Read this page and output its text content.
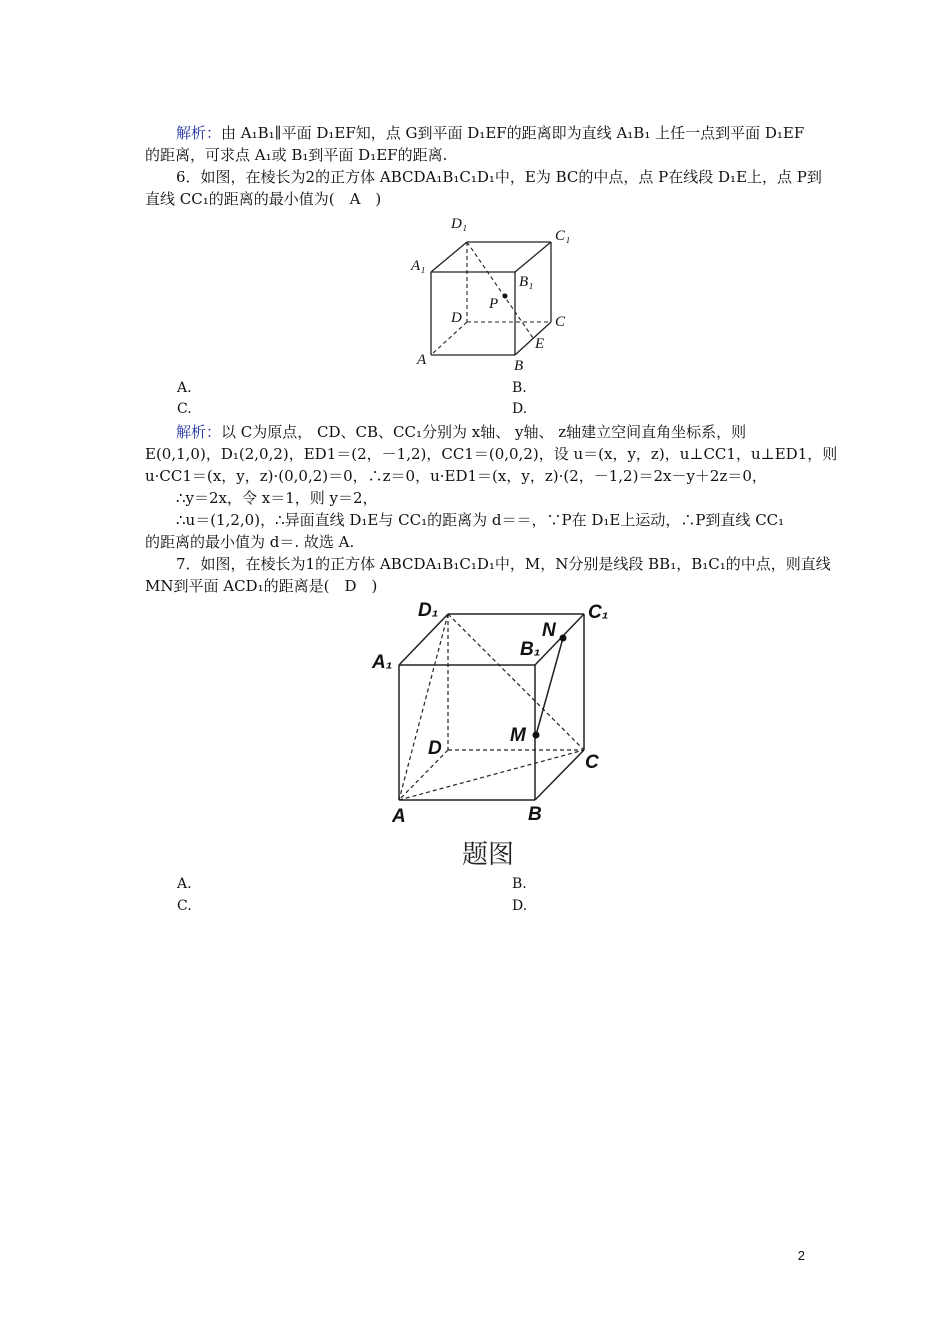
解析：由 A₁B₁∥平面 D₁EF知，点 G到平面 D₁EF的距离即为直线 A₁B₁ 上任一点到平面 D₁EF
的距离，可求点 A₁或 B₁到平面 D₁EF的距离.
6．如图，在棱长为2的正方体 ABCDA₁B₁C₁D₁中，E为 BC的中点，点 P在线段 D₁E上，点 P到
直线 CC₁的距离的最小值为(　A　)
D₁
C₁
A₁
B₁
P
D	C
E
A	B
A.	B.
C.	D.
解析：以 C为原点， CD、CB、CC₁分别为 x轴、 y轴、 z轴建立空间直角坐标系，则
E(0,1,0)，D₁(2,0,2)，ED1＝(2，－1,2)，CC1＝(0,0,2)，设 u＝(x，y，z)，u⊥CC1，u⊥ED1，则
u·CC1＝(x，y，z)·(0,0,2)＝0，∴z＝0，u·ED1＝(x，y，z)·(2，－1,2)＝2x－y＋2z＝0，
∴y＝2x，令 x＝1，则 y＝2，
∴u＝(1,2,0)，∴异面直线 D₁E与 CC₁的距离为 d＝＝，∵P在 D₁E上运动，∴P到直线 CC₁
的距离的最小值为 d＝. 故选 A.
7．如图，在棱长为1的正方体 ABCDA₁B₁C₁D₁中，M，N分别是线段 BB₁，B₁C₁的中点，则直线
MN到平面 ACD₁的距离是(　D　)
D₁	C₁
N
A₁
B₁
M
D
C
A	B
题图
A.	B.
C.	D.
2
